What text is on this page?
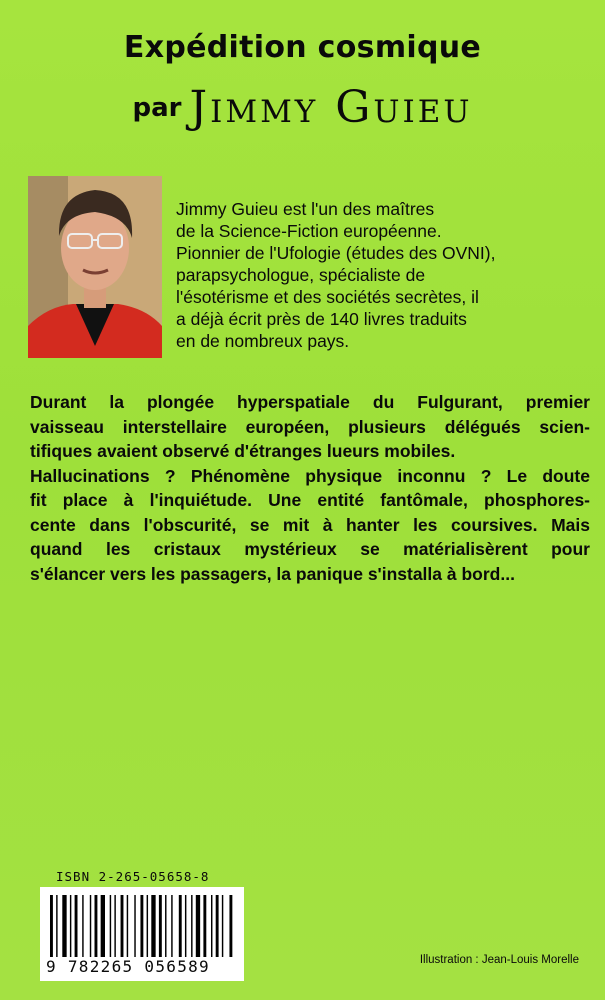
Expédition cosmique
par Jimmy Guieu
Jimmy Guieu est l'un des maîtres
de la Science-Fiction européenne.
Pionnier de l'Ufologie (études des OVNI),
parapsychologue, spécialiste de
l'ésotérisme et des sociétés secrètes, il
a déjà écrit près de 140 livres traduits
en de nombreux pays.
Durant la plongée hyperspatiale du Fulgurant, premier
vaisseau interstellaire européen, plusieurs délégués scien-
tifiques avaient observé d'étranges lueurs mobiles.
Hallucinations ? Phénomène physique inconnu ? Le doute
fit place à l'inquiétude. Une entité fantômale, phosphores-
cente dans l'obscurité, se mit à hanter les coursives. Mais
quand les cristaux mystérieux se matérialisèrent pour
s'élancer vers les passagers, la panique s'installa à bord...
ISBN 2-265-05658-8
9 782265 056589	Illustration : Jean-Louis Morelle
